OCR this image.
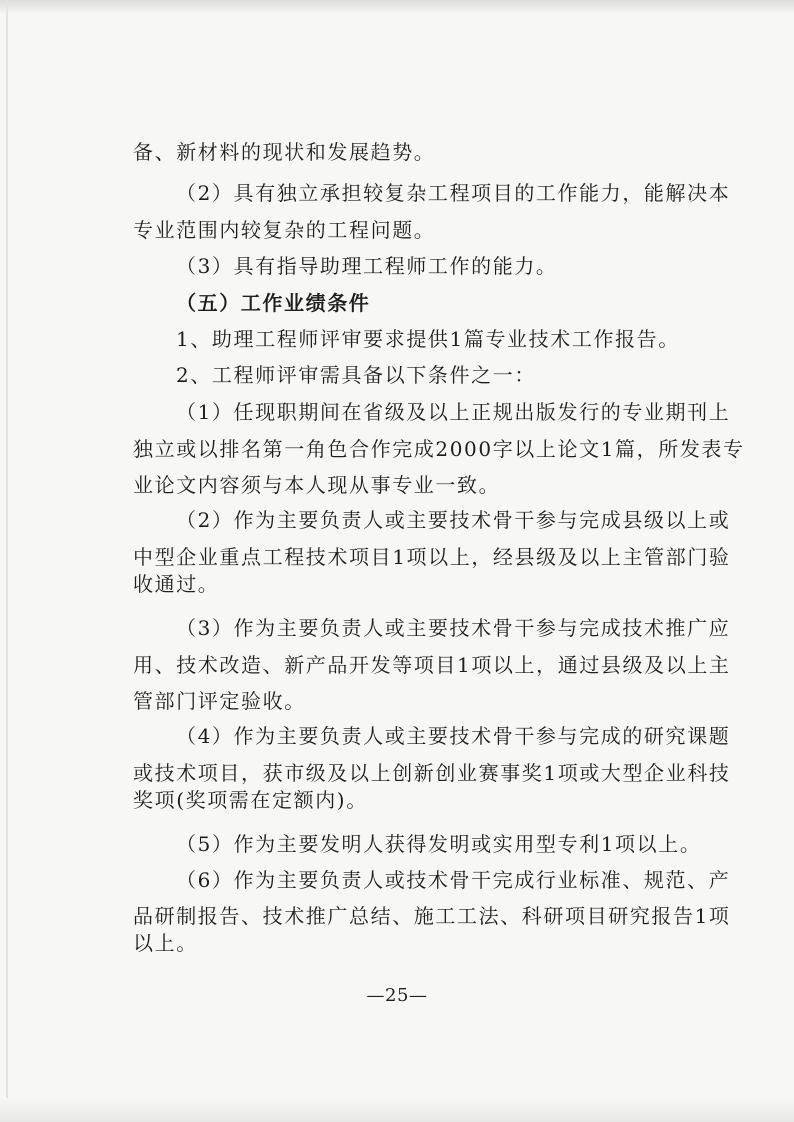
备、新材料的现状和发展趋势。
（2）具有独立承担较复杂工程项目的工作能力，能解决本
专业范围内较复杂的工程问题。
（3）具有指导助理工程师工作的能力。
（五）工作业绩条件
1、助理工程师评审要求提供1篇专业技术工作报告。
2、工程师评审需具备以下条件之一：
（1）任现职期间在省级及以上正规出版发行的专业期刊上
独立或以排名第一角色合作完成2000字以上论文1篇，所发表专
业论文内容须与本人现从事专业一致。
（2）作为主要负责人或主要技术骨干参与完成县级以上或
中型企业重点工程技术项目1项以上，经县级及以上主管部门验
收通过。
（3）作为主要负责人或主要技术骨干参与完成技术推广应
用、技术改造、新产品开发等项目1项以上，通过县级及以上主
管部门评定验收。
（4）作为主要负责人或主要技术骨干参与完成的研究课题
或技术项目，获市级及以上创新创业赛事奖1项或大型企业科技
奖项(奖项需在定额内)。
（5）作为主要发明人获得发明或实用型专利1项以上。
（6）作为主要负责人或技术骨干完成行业标准、规范、产
品研制报告、技术推广总结、施工工法、科研项目研究报告1项
以上。
—25—
